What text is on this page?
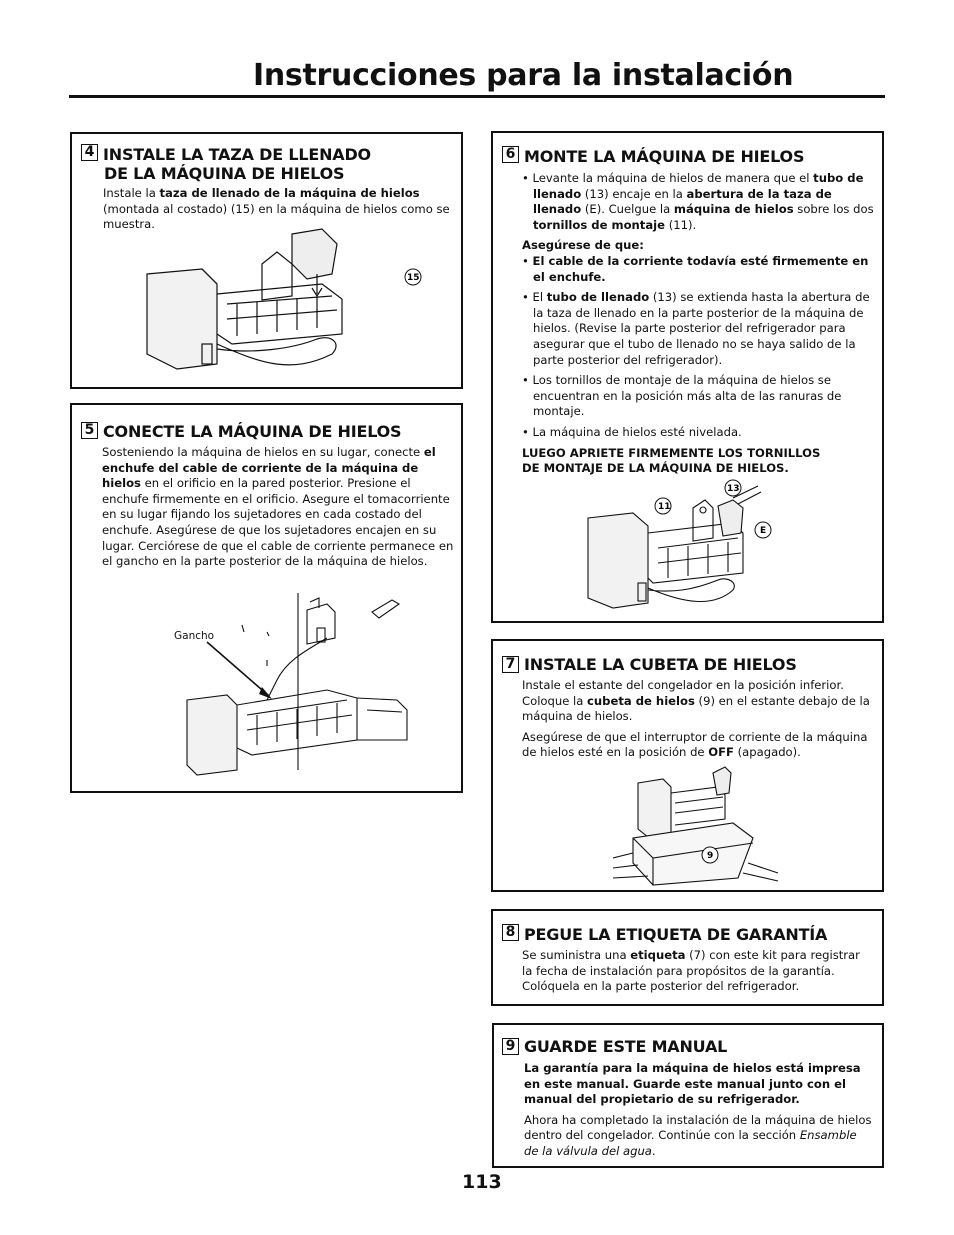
Instrucciones para la instalación
4 INSTALE LA TAZA DE LLENADO
DE LA MÁQUINA DE HIELOS
Instale la taza de llenado de la máquina de hielos (montada al costado) (15) en la máquina de hielos como se muestra.
15
5 CONECTE LA MÁQUINA DE HIELOS
Sosteniendo la máquina de hielos en su lugar, conecte el enchufe del cable de corriente de la máquina de hielos en el orificio en la pared posterior. Presione el enchufe firmemente en el orificio. Asegure el tomacorriente en su lugar fijando los sujetadores en cada costado del enchufe. Asegúrese de que los sujetadores encajen en su lugar. Cerciórese de que el cable de corriente permanece en el gancho en la parte posterior de la máquina de hielos.
Gancho
6 MONTE LA MÁQUINA DE HIELOS

• Levante la máquina de hielos de manera que el tubo de llenado (13) encaje en la abertura de la taza de llenado (E). Cuelgue la máquina de hielos sobre los dos tornillos de montaje (11).

Asegúrese de que:

• El cable de la corriente todavía esté firmemente en el enchufe.

• El tubo de llenado (13) se extienda hasta la abertura de la taza de llenado en la parte posterior de la máquina de hielos. (Revise la parte posterior del refrigerador para asegurar que el tubo de llenado no se haya salido de la parte posterior del refrigerador).

• Los tornillos de montaje de la máquina de hielos se encuentran en la posición más alta de las ranuras de montaje.

• La máquina de hielos esté nivelada.

LUEGO APRIETE FIRMEMENTE LOS TORNILLOS
DE MONTAJE DE LA MÁQUINA DE HIELOS.

11
13
E
7 INSTALE LA CUBETA DE HIELOS

Instale el estante del congelador en la posición inferior. Coloque la cubeta de hielos (9) en el estante debajo de la máquina de hielos.

Asegúrese de que el interruptor de corriente de la máquina de hielos esté en la posición de OFF (apagado).

9
8 PEGUE LA ETIQUETA DE GARANTÍA
Se suministra una etiqueta (7) con este kit para registrar la fecha de instalación para propósitos de la garantía. Colóquela en la parte posterior del refrigerador.
9 GUARDE ESTE MANUAL

La garantía para la máquina de hielos está impresa en este manual. Guarde este manual junto con el manual del propietario de su refrigerador.

Ahora ha completado la instalación de la máquina de hielos dentro del congelador. Continúe con la sección Ensamble de la válvula del agua.

113
